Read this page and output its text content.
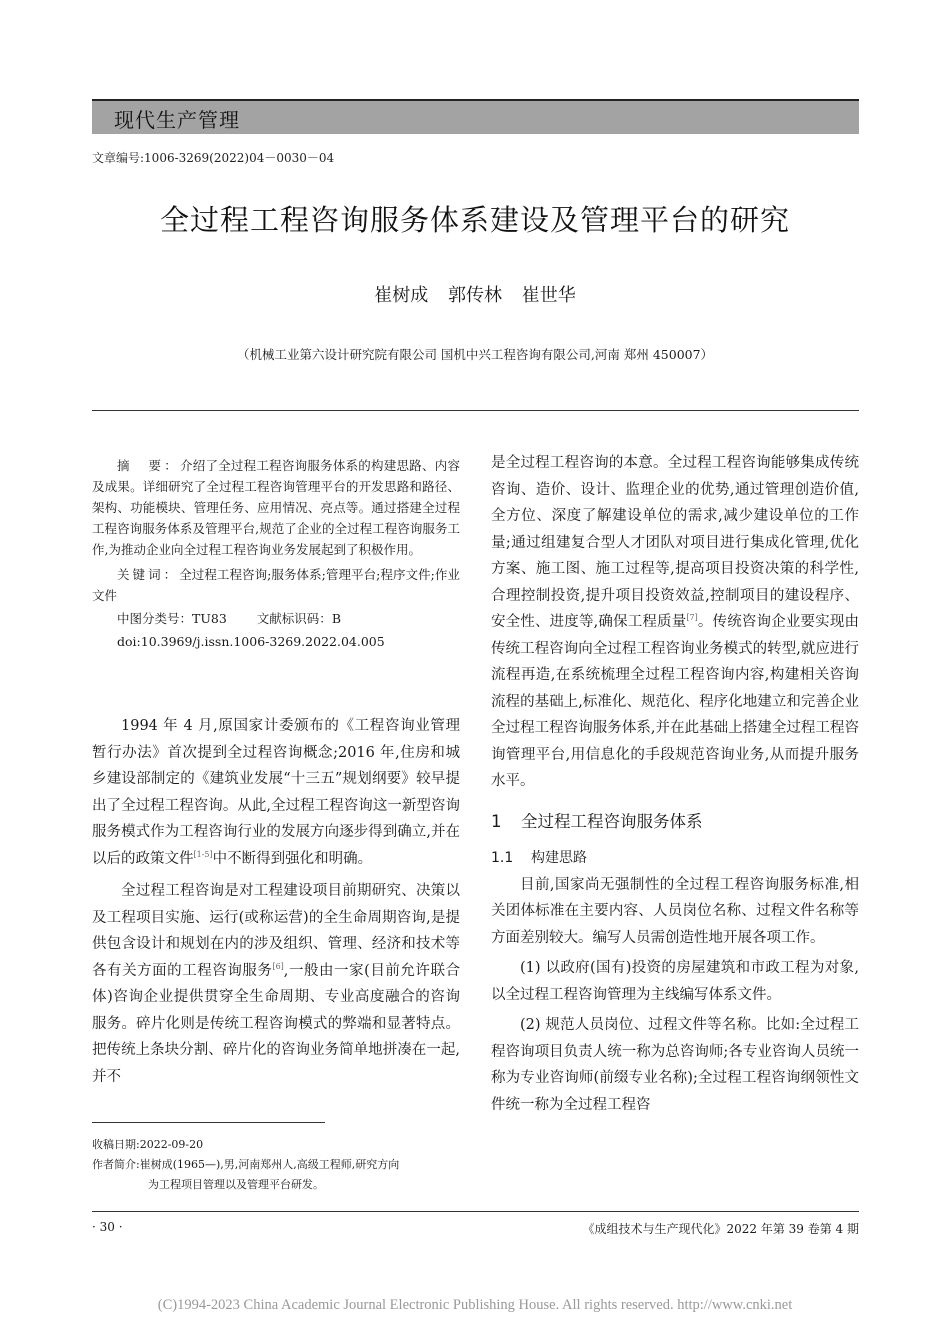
现代生产管理
文章编号:1006-3269(2022)04－0030－04
全过程工程咨询服务体系建设及管理平台的研究
崔树成 郭传林 崔世华
（机械工业第六设计研究院有限公司 国机中兴工程咨询有限公司,河南 郑州 450007）

摘　要：介绍了全过程工程咨询服务体系的构建思路、内容及成果。详细研究了全过程工程咨询管理平台的开发思路和路径、架构、功能模块、管理任务、应用情况、亮点等。通过搭建全过程工程咨询服务体系及管理平台,规范了企业的全过程工程咨询服务工作,为推动企业向全过程工程咨询业务发展起到了积极作用。

关键词：全过程工程咨询;服务体系;管理平台;程序文件;作业文件

中图分类号：TU83 文献标识码：B

doi:10.3969/j.issn.1006-3269.2022.04.005

1994 年 4 月,原国家计委颁布的《工程咨询业管理暂行办法》首次提到全过程咨询概念;2016 年,住房和城乡建设部制定的《建筑业发展“十三五”规划纲要》较早提出了全过程工程咨询。从此,全过程工程咨询这一新型咨询服务模式作为工程咨询行业的发展方向逐步得到确立,并在以后的政策文件[1-5]中不断得到强化和明确。

全过程工程咨询是对工程建设项目前期研究、决策以及工程项目实施、运行(或称运营)的全生命周期咨询,是提供包含设计和规划在内的涉及组织、管理、经济和技术等各有关方面的工程咨询服务[6],一般由一家(目前允许联合体)咨询企业提供贯穿全生命周期、专业高度融合的咨询服务。碎片化则是传统工程咨询模式的弊端和显著特点。把传统上条块分割、碎片化的咨询业务简单地拼凑在一起,并不

是全过程工程咨询的本意。全过程工程咨询能够集成传统咨询、造价、设计、监理企业的优势,通过管理创造价值,全方位、深度了解建设单位的需求,减少建设单位的工作量;通过组建复合型人才团队对项目进行集成化管理,优化方案、施工图、施工过程等,提高项目投资决策的科学性,合理控制投资,提升项目投资效益,控制项目的建设程序、安全性、进度等,确保工程质量[7]。传统咨询企业要实现由传统工程咨询向全过程工程咨询业务模式的转型,就应进行流程再造,在系统梳理全过程工程咨询内容,构建相关咨询流程的基础上,标准化、规范化、程序化地建立和完善企业全过程工程咨询服务体系,并在此基础上搭建全过程工程咨询管理平台,用信息化的手段规范咨询业务,从而提升服务水平。

1 全过程工程咨询服务体系
1.1 构建思路

目前,国家尚无强制性的全过程工程咨询服务标准,相关团体标准在主要内容、人员岗位名称、过程文件名称等方面差别较大。编写人员需创造性地开展各项工作。

(1) 以政府(国有)投资的房屋建筑和市政工程为对象,以全过程工程咨询管理为主线编写体系文件。

(2) 规范人员岗位、过程文件等名称。比如:全过程工程咨询项目负责人统一称为总咨询师;各专业咨询人员统一称为专业咨询师(前缀专业名称);全过程工程咨询纲领性文件统一称为全过程工程咨

收稿日期:2022-09-20
作者简介:崔树成(1965—),男,河南郑州人,高级工程师,研究方向
为工程项目管理以及管理平台研发。
· 30 ·	《成组技术与生产现代化》2022 年第 39 卷第 4 期
(C)1994-2023 China Academic Journal Electronic Publishing House. All rights reserved. http://www.cnki.net
